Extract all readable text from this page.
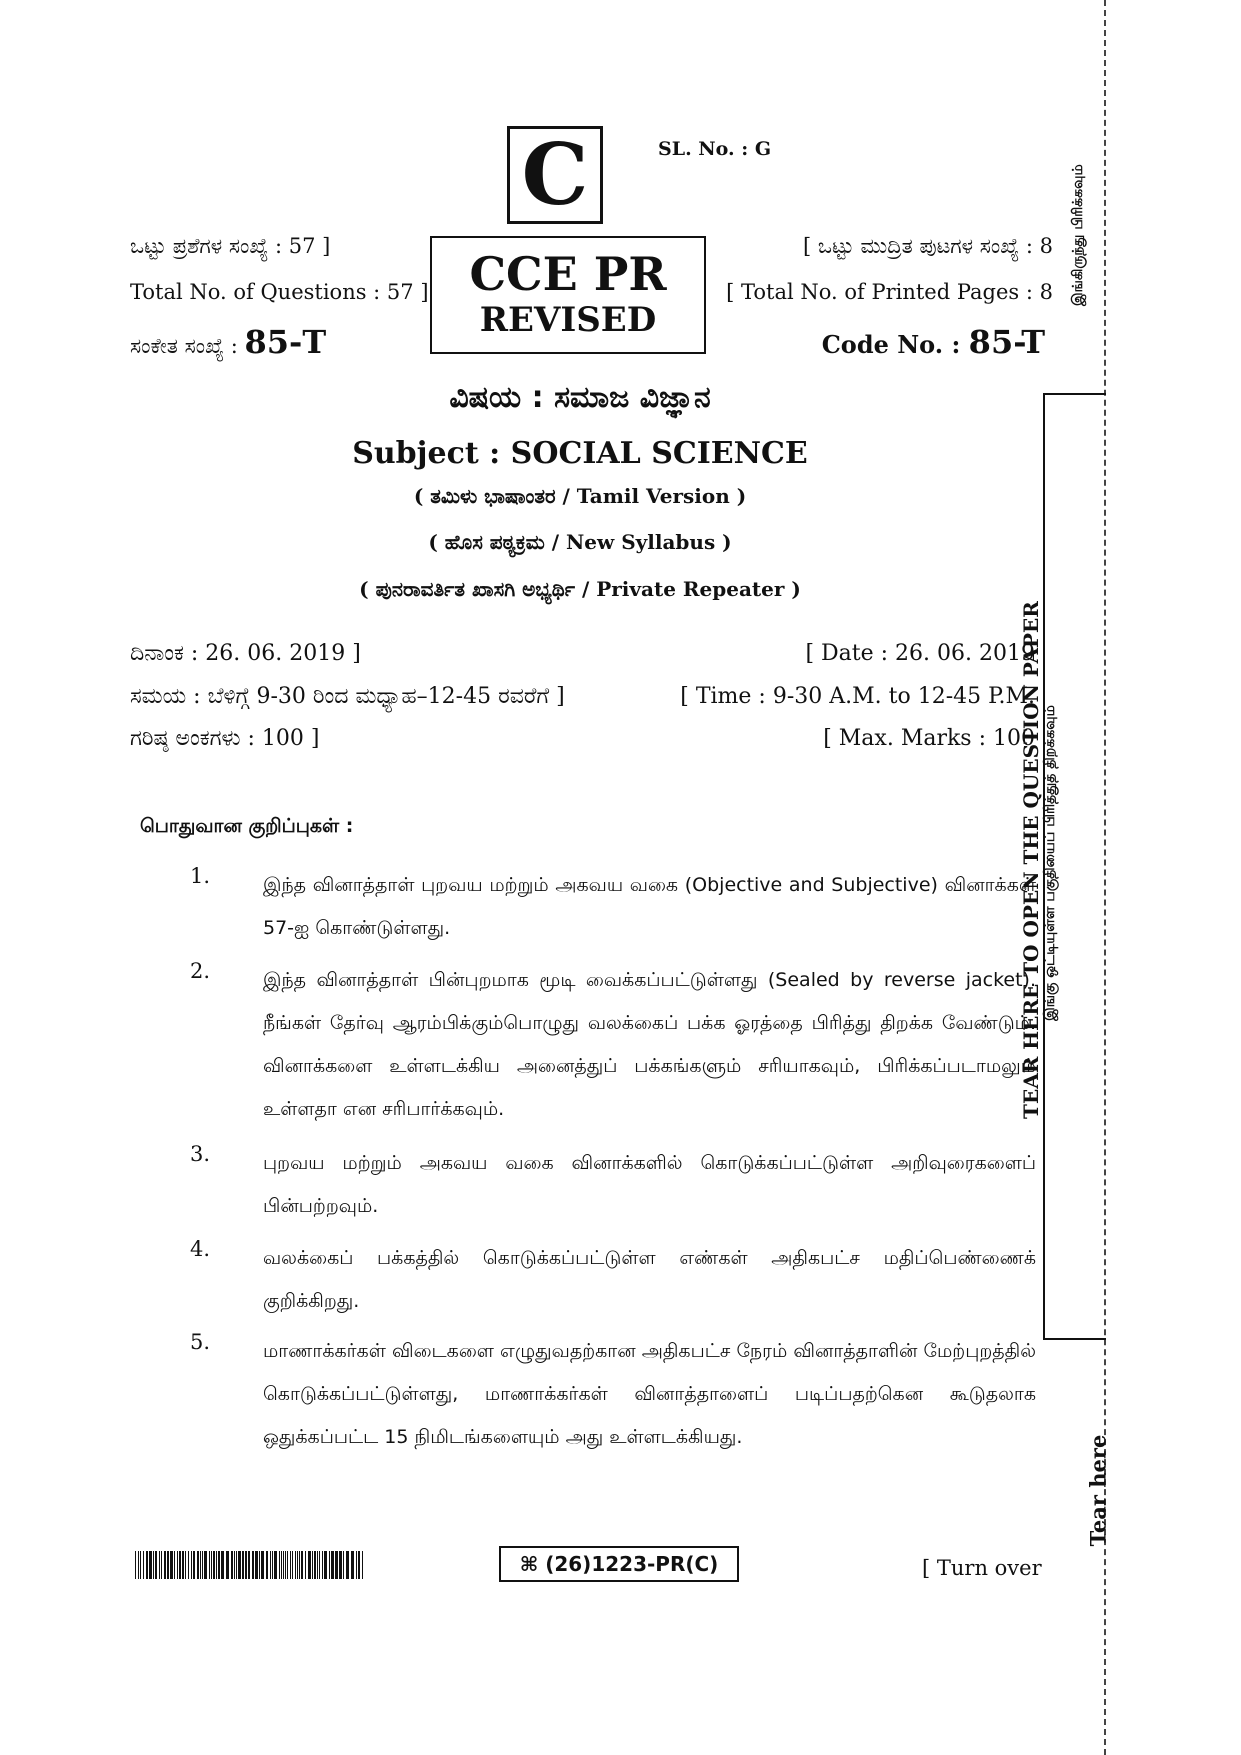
C	SL. No. : G
ಒಟ್ಟು ಪ್ರಶೆಗಳ ಸಂಖ್ಯೆ : 57 ]
Total No. of Questions : 57 ]
ಸಂಕೇತ ಸಂಖ್ಯೆ : 85-T
CCE PR
REVISED
[ ಒಟ್ಟು ಮುದ್ರಿತ ಪುಟಗಳ ಸಂಖ್ಯೆ : 8
[ Total No. of Printed Pages : 8
Code No. : 85-T
ವಿಷಯ : ಸಮಾಜ ವಿಜ್ಞಾನ
Subject : SOCIAL SCIENCE
( ತಮಿಳು ಭಾಷಾಂತರ / Tamil Version )
( ಹೊಸ ಪಠ್ಯಕ್ರಮ / New Syllabus )
( ಪುನರಾವರ್ತಿತ ಖಾಸಗಿ ಅಭ್ಯರ್ಥಿ / Private Repeater )
ದಿನಾಂಕ : 26. 06. 2019 ]	[ Date : 26. 06. 2019
ಸಮಯ : ಬೆಳಿಗ್ಗೆ 9-30 ರಿಂದ ಮಧ್ಯಾಹ–12-45 ರವರೆಗೆ ]	[ Time : 9-30 A.M. to 12-45 P.M.
ಗರಿಷ್ಠ ಅಂಕಗಳು : 100 ]	[ Max. Marks : 100
பொதுவான குறிப்புகள் :
1.	இந்த வினாத்தாள் புறவய மற்றும் அகவய வகை (Objective and Subjective) வினாக்கள் 57-ஐ கொண்டுள்ளது.
2.	இந்த வினாத்தாள் பின்புறமாக மூடி வைக்கப்பட்டுள்ளது (Sealed by reverse jacket). நீங்கள் தேர்வு ஆரம்பிக்கும்பொழுது வலக்கைப் பக்க ஓரத்தை பிரித்து திறக்க வேண்டும். வினாக்களை உள்ளடக்கிய அனைத்துப் பக்கங்களும் சரியாகவும், பிரிக்கப்படாமலும் உள்ளதா என சரிபார்க்கவும்.
3.	புறவய மற்றும் அகவய வகை வினாக்களில் கொடுக்கப்பட்டுள்ள அறிவுரைகளைப் பின்பற்றவும்.
4.	வலக்கைப் பக்கத்தில் கொடுக்கப்பட்டுள்ள எண்கள் அதிகபட்ச மதிப்பெண்ணைக் குறிக்கிறது.
5.	மாணாக்கர்கள் விடைகளை எழுதுவதற்கான அதிகபட்ச நேரம் வினாத்தாளின் மேற்புறத்தில் கொடுக்கப்பட்டுள்ளது, மாணாக்கர்கள் வினாத்தாளைப் படிப்பதற்கென கூடுதலாக ஒதுக்கப்பட்ட 15 நிமிடங்களையும் அது உள்ளடக்கியது.
⌘ (26)1223-PR(C)	[ Turn over
இங்கிருந்து பிரிக்கவும்
TEAR HERE TO OPEN THE QUESTION PAPER இங்கு ஒட்டியுள்ள பகுதியைப் பிரித்துத் திறக்கவும்
Tear here
